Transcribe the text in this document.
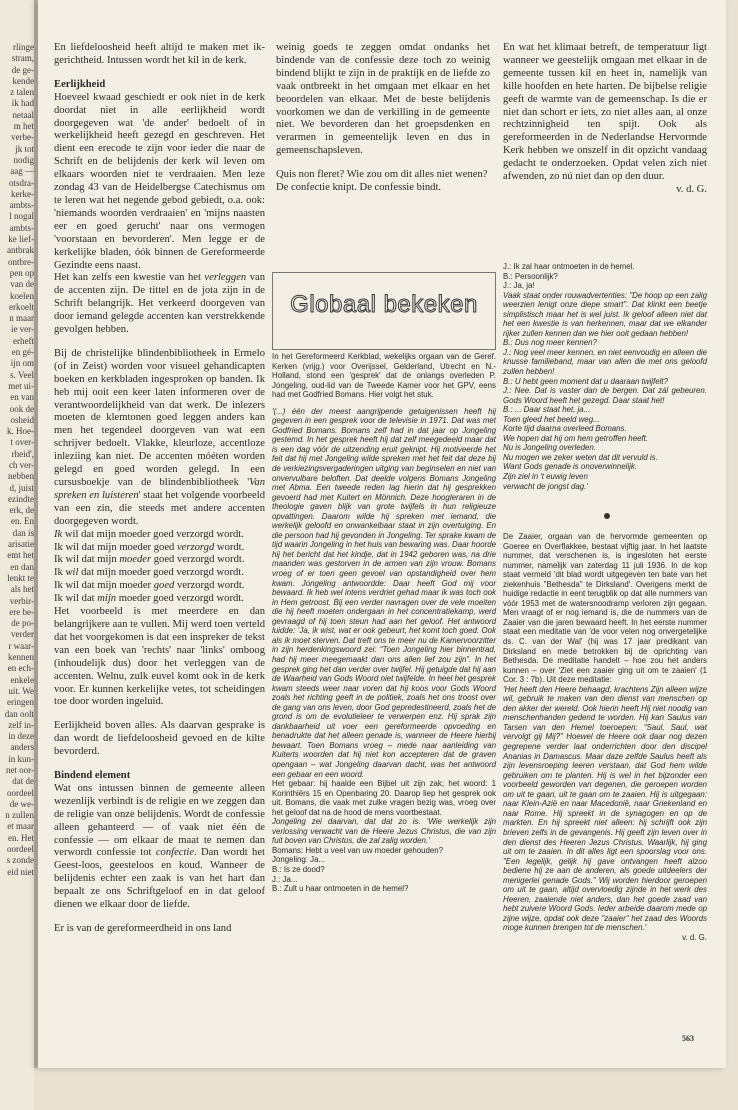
rlinge
stram,
de ge-
kende
z talen
ik had
netaal
m het
verbe-
jk tot
nodig
aag —
otsdra-
kerke-
ambts-
l nogal
ambts-
ke lief-
antbrak
ontbre-
pen op
van de
koelen
erkoelt
n maar
ie ver-
erheft
en gé-
ijn om
s. Veel
met ui-
en van
ook de
osheid
k. Hoe-
t over-
rheid',
ch ver-
nebben
d, juist
ezindte
erk, de
en. En
dan is
arisatie
emt het
en dan
lenkt te
als het
verbir-
ere be-
de po-
verder
r waar-
kennen
en ech-
enkele
uit. We
eringen
dan oolt
zelf in-
in deze
anders
in kun-
net oor-
dat de
oordeel
de we-
n zullen
et maar
en. Het
oordeel
s zonde
eid niet

En liefdeloosheid heeft altijd te maken met ik-gerichtheid. Intussen wordt het kil in de kerk.

Eerlijkheid

Hoeveel kwaad geschiedt er ook niet in de kerk doordat niet in alle eerlijkheid wordt doorgegeven wat 'de ander' bedoelt of in werkelijkheid heeft gezegd en geschreven. Het dient een erecode te zijn voor ieder die naar de Schrift en de belijdenis der kerk wil leven om elkaars woorden niet te verdraaien. Men leze zondag 43 van de Heidelbergse Catechismus om te leren wat het negende gebod gebiedt, o.a. ook: 'niemands woorden verdraaien' en 'mijns naasten eer en goed gerucht' naar ons vermogen 'voorstaan en bevorderen'. Men legge er de kerkelijke bladen, óók binnen de Gereformeerde Gezindte eens naast.

Het kan zelfs een kwestie van het verleggen van de accenten zijn. De tittel en de jota zijn in de Schrift belangrijk. Het verkeerd doorgeven van door iemand gelegde accenten kan verstrekkende gevolgen hebben.

Bij de christelijke blindenbibliotheek in Ermelo (of in Zeist) worden voor visueel gehandicapten boeken en kerkbladen ingesproken op banden. Ik heb mij ooit een keer laten informeren over de verantwoordelijkheid van dat werk. De inlezers moeten de klemtonen goed leggen anders kan men het tegendeel doorgeven van wat een schrijver bedoelt. Vlakke, kleurloze, accentloze inleziing kan niet. De accenten móéten worden gelegd en goed worden gelegd. In een cursusboekje van de blindenbibliotheek 'Van spreken en luisteren' staat het volgende voorbeeld van een zin, die steeds met andere accenten doorgegeven wordt.

Ik wil dat mijn moeder goed verzorgd wordt.

Ik wil dat mijn moeder goed verzorgd wordt.

Ik wil dat mijn moeder goed verzorgd wordt.

Ik wil dat mijn moeder goed verzorgd wordt.

Ik wil dat mijn moeder goed verzorgd wordt.

Ik wil dat mijn moeder goed verzorgd wordt.

Het voorbeeld is met meerdere en dan belangrijkere aan te vullen. Mij werd toen verteld dat het voorgekomen is dat een inspreker de tekst van een boek van 'rechts' naar 'links' omboog (inhoudelijk dus) door het verleggen van de accenten. Welnu, zulk euvel komt ook in de kerk voor. Er kunnen kerkelijke vetes, tot scheidingen toe door worden ingeluid.

Eerlijkheid boven alles. Als daarvan gesprake is dan wordt de liefdeloosheid gevoed en de kilte bevorderd.

Bindend element

Wat ons intussen binnen de gemeente alleen wezenlijk verbindt is de religie en we zeggen dan de religie van onze belijdenis. Wordt de confessie alleen gehanteerd — of vaak niet één de confessie — om elkaar de maat te nemen dan verwordt confessie tot confectie. Dan wordt het Geest-loos, geesteloos en koud. Wanneer de belijdenis echter een zaak is van het hart dan bepaalt ze ons Schriftgeloof en in dat geloof dienen we elkaar door de liefde.

Er is van de gereformeerdheid in ons land

weinig goeds te zeggen omdat ondanks het bindende van de confessie deze toch zo weinig bindend blijkt te zijn in de praktijk en de liefde zo vaak ontbreekt in het omgaan met elkaar en het beoordelen van elkaar. Met de beste belijdenis voorkomen we dan de verkilling in de gemeente niet. We bevorderen dan het groepsdenken en verarmen in gemeentelijk leven en dus in gemeenschapsleven.

Quis non fleret? Wie zou om dit alles niet wenen?

De confectie knipt. De confessie bindt.

En wat het klimaat betreft, de temperatuur ligt wanneer we geestelijk omgaan met elkaar in de gemeente tussen kil en heet in, namelijk van kille hoofden en hete harten. De bijbelse religie geeft de warmte van de gemeenschap. Is die er niet dan schort er iets, zo niet alles aan, al onze rechtzinnigheid ten spijt. Ook als gereformeerden in de Nederlandse Hervormde Kerk hebben we onszelf in dit opzicht vandaag gedacht te onderzoeken. Opdat velen zich niet afwenden, zo nú niet dan op den duur.

v. d. G.

Globaal bekeken

In het Gereformeerd Kerkblad, wekelijks orgaan van de Geref. Kerken (vrijg.) voor Overijssel, Gelderland, Utrecht en N.-Holland, stond een 'gesprek' dat de onlangs overleden P. Jongeling, oud-lid van de Tweede Kamer voor het GPV, eens had met Godfried Bomans. Hier volgt het stuk.

'(...) één der meest aangrijpende getuigenissen heeft hij gegeven in een gesprek voor de televisie in 1971. Dat was met Godfried Bomans. Bomans zelf had in dat jaar op Jongeling gestemd. In het gesprek heeft hij dat zelf meegedeeld maar dat is een dag vóór de uitzending eruit geknipt. Hij motiveerde het feit dat hij met Jongeling wilde spreken met het feit dat deze bij de verkiezingsvergaderingen uitging van beginselen en niet van onvervulbare beloften. Dat deelde volgens Bomans Jongeling met Abma. Een tweede reden lag hierin dat hij gesprekken gevoerd had met Kuitert en Mönnich. Deze hoogleraren in de theologie gaven blijk van grote twijfels in hun religieuze opvattingen. Daarom wilde hij spreken met iemand, die werkelijk geloofd en onwankelbaar staat in zijn overtuiging. En die persoon had hij gevonden in Jongeling. Ter sprake kwam de tijd waarin Jongeling in het huis van bewaring was. Daar hoorde hij het bericht dat het kindje, dat in 1942 geboren was, na drie maanden was gestorven in de armen van zijn vrouw. Bomans vroeg of er toen geen gevoel van opstandigheid over hem kwam. Jongeling antwoordde: Daar heeft God mij voor bewaard. Ik heb wel intens verdriet gehad maar ik was toch ook in Hem getroost. Bij een verder navragen over de vele moeiten die hij heeft moeten ondergaan in het concentratiekamp, werd gevraagd of hij toen steun had aan het geloof. Het antwoord luidde: ‘Ja, ik wist, wat er ook gebeurt, het komt toch goed. Ook als ik moet sterven. Dat treft ons te meer nu de Kamervoorzitter in zijn herdenkingswoord zei: “Toen Jongeling hier binnentrad, had hij meer meegemaakt dan ons allen lief zou zijn”. In het gesprek ging het dan verder over twijfel. Hij getuigde dat hij aan de Waarheid van Gods Woord niet twijfelde. In heel het gesprek kwam steeds weer naar voren dat hij koos voor Gods Woord zoals het richting geeft in de politiek, zoals het ons troost over de gang van ons leven, door God gepredestineerd, zoals het de grond is om de evolutieleer te verwerpen enz. Hij sprak zijn dankbaarheid uit voer een gereformeerde opvoeding en benadrukte dat het alleen genade is, wanneer de Heere hierbij bewaart. Toen Bomans vroeg – mede naar aanleiding van Kuiterts woorden dat hij niet kon accepteren dat de graven opengaan – wat Jongeling daarvan dacht, was het antwoord een gebaar en een woord.

Het gebaar: hij haalde een Bijbel uit zijn zak; het woord: 1 Korinthiërs 15 en Openbaring 20. Daarop liep het gesprek ook uit. Bomans, die vaak met zulke vragen bezig was, vroeg over het geloof dat na de hood de mens voortbestaat.

Jongeling zei daarvan, dat dat zo is. ‘Wie werkelijk zijn verlossing verwacht van de Heere Jezus Christus, die van zijn fuit boven van Christus, die zal zalig worden.’

Bomans: Hebt u veel van uw moeder gehouden?
Jongeling: Ja...
B.: Is ze dood?
J.: Ja...
B.: Zult u haar ontmoeten in de hemel?

J.: Ik zal haar ontmoeten in de hemel.
B.: Persoonlijk?
J.: Ja, ja!

Vaak staat onder rouwadvertenties: "De hoop op een zalig weerzien lenigt onze diepe smart". Dat klinkt een beetje simplistisch maar het is wel juist. Ik geloof alleen niet dat het een kwestie is van herkennen, maar dat we elkander rijker zullen kennen dan we hier ooit gedaan hebben!

B.: Dus nog meer kennen?
J.: Nog veel meer kennen, en niet eenvoudig en alleen die knusse familieband, maar van allen die met ons geloofd zullen hebben!
B.: U hebt geen moment dat u daaraan twijfelt?
J.: Nee. Dat is vaster dan de bergen. Dat zál gebeuren. Gods Woord heeft het gezegd. Daar staat het!
B.: ... Daar staat het, ja...
Toen gleed het beeld weg...
Korte tijd daarna overleed Bomans.
We hopen dat hij om hem getroffen heeft.
Nu is Jongeling overleden.
Nu mogen we zeker weten dat dit vervuld is.
Want Gods genade is onoverwinnelijk.
Zijn ziel in 't euwig leven
verwacht de jongst dag.'

De Zaaier, orgaan van de hervormde gemeenten op Goeree en Overflakkee, bestaat vijftig jaar. In het laatste nummer, dat verschenen is, is ingesloten het eerste nummer, namelijk van zaterdag 11 juli 1936. In de kop staat vermeld 'dit blad wordt uitgegeven ten bate van het ziekenhuis "Bethesda" te Dirksland'. Overigens merkt de huidige redactie in eent terugblik op dat alle nummers van vóór 1953 met de watersnoodramp verloren zijn gegaan. Men vraagt of er nog iemand is, die de nummers van de Zaaier van die jaren bewaard heeft. In het eerste nummer staat een meditatie van 'de voor velen nog onvergetelijke ds. C. van der Wal' (hij was 17 jaar predikant van Dirksland en mede betrokken bij de oprichting van Bethesda. De meditatie handelt – hoe zou het anders kunnen – over 'Ziet een zaaier ging uit om te zaaien' (1 Cor. 3 : 7b). Uit deze meditatie:

'Het heeft den Heere behaagd, krachtens Zijn alleen wijze wil, gebruik te maken van den dienst van menschen op den akker der wereld. Ook hierin heeft Hij niet noodig van menschenhanden gedend te worden. Hij kan Saulus van Tarsen van den Hemel toeroepen: "Saul, Saul, wat vervolgt gij Mij?" Hoewel de Heere ook daar nog dezen gegrepene verder laat onderrichten door den discipel Ananias in Damascus. Maar daze zelfde Saulus heeft als zijn levensroeping leeren verstaan, dat God hem wilde gebruiken om te planten. Hij is wel in het bijzonder een voorbeeld geworden van degenen, die geroepen worden om uit te gaan, uit te gaan om te zaaien. Hij is uitgegaan: naar Klein-Azië en naar Macedonië, naar Griekenland en naar Rome. Hij spreekt in de synagogen en op de markten. En hij spreekt niet alleen: hij schrijft ook zijn brieven zelfs in de gevangenis. Hij geeft zijn leven over in den dienst des Heeren Jezus Christus. Waarlijk, hij ging uit om te zaaien. In dit alles ligt een spoorslag voor ons. "Een legelijk, gelijk hij gave ontvangen heeft alzoo bediene hij ze aan de anderen, als goede uitdeelers der menigerlei genade Gods." Wij worden hierdoor geroepen om uit te gaan, altijd overvloedig zijnde in het werk des Heeren, zaaiende niet anders, dan het goede zaad van hebt zuivere Woord Gods. Ieder arbeide daarom mede op zijne wijze, opdat ook deze "zaaier" het zaad des Woords moge kunnen brengen tot de menschen.'

v. d. G.

563
